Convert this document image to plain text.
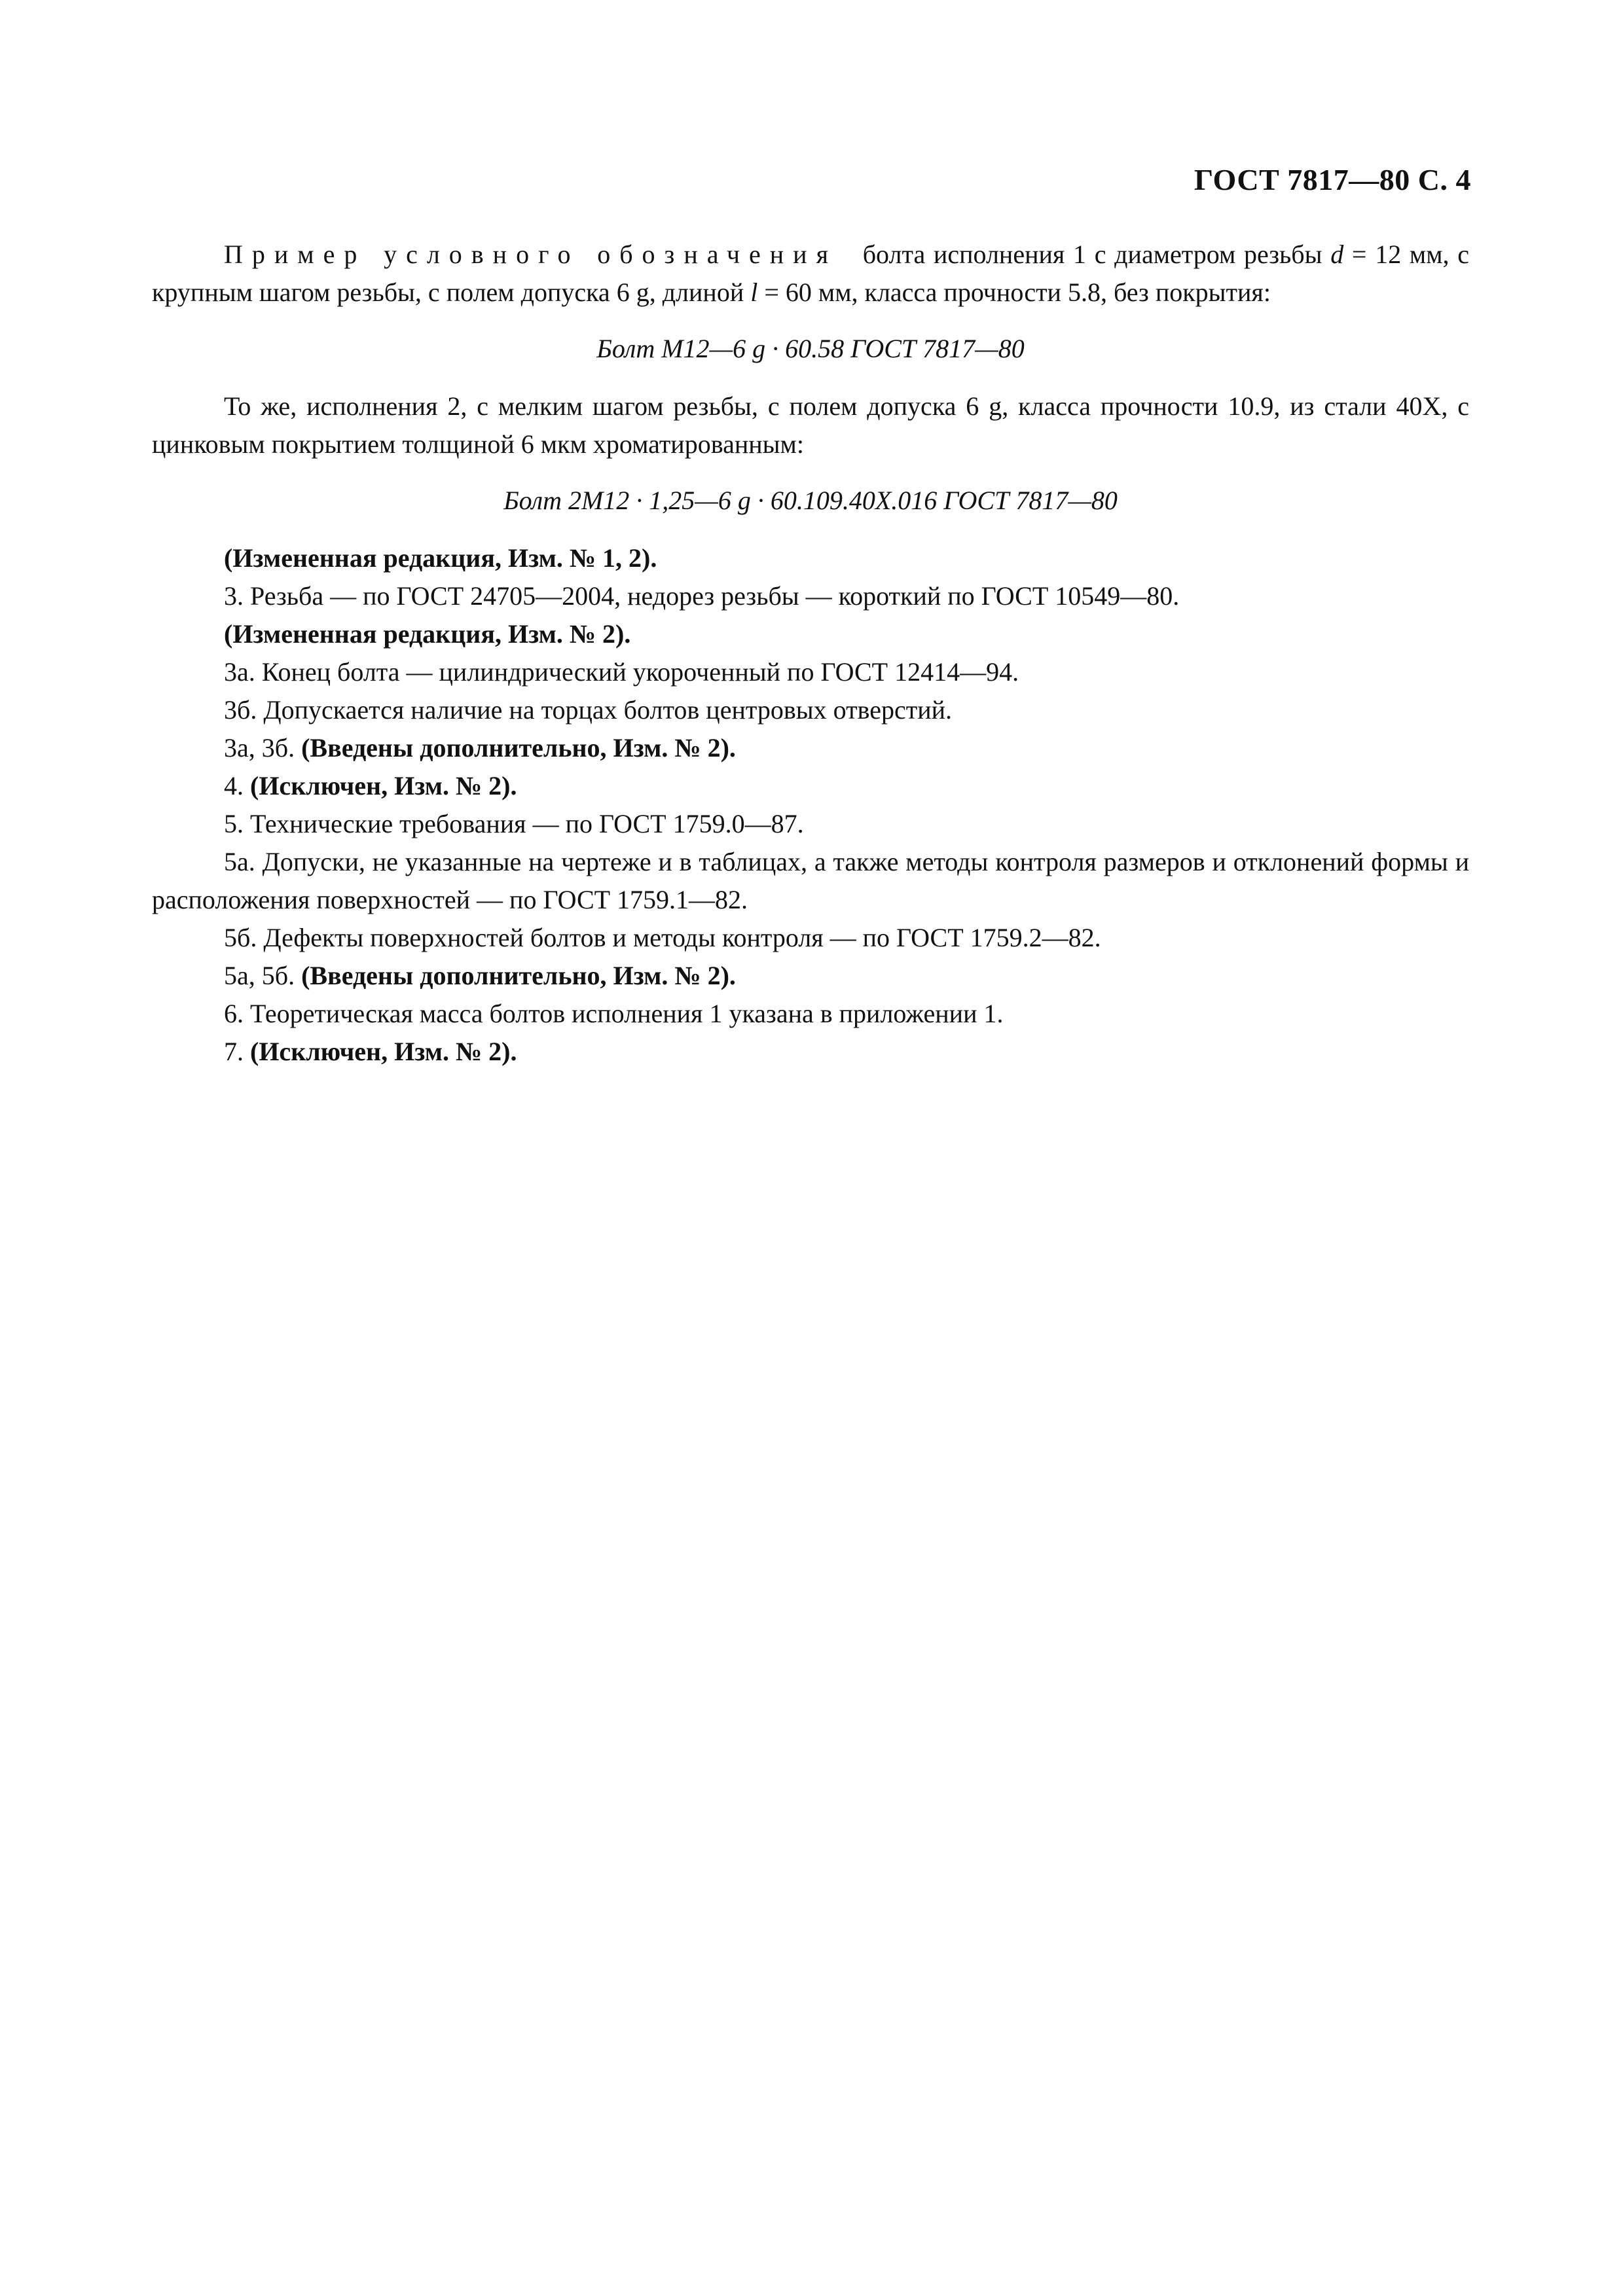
ГОСТ 7817—80 С. 4

Пример условного обозначения болта исполнения 1 с диаметром резьбы d = 12 мм, с крупным шагом резьбы, с полем допуска 6 g, длиной l = 60 мм, класса прочности 5.8, без покрытия:

Болт М12—6 g · 60.58 ГОСТ 7817—80

То же, исполнения 2, с мелким шагом резьбы, с полем допуска 6 g, класса прочности 10.9, из стали 40Х, с цинковым покрытием толщиной 6 мкм хроматированным:

Болт 2М12 · 1,25—6 g · 60.109.40Х.016 ГОСТ 7817—80

(Измененная редакция, Изм. № 1, 2).

3. Резьба — по ГОСТ 24705—2004, недорез резьбы — короткий по ГОСТ 10549—80.

(Измененная редакция, Изм. № 2).

3а. Конец болта — цилиндрический укороченный по ГОСТ 12414—94.

3б. Допускается наличие на торцах болтов центровых отверстий.

3а, 3б. (Введены дополнительно, Изм. № 2).

4. (Исключен, Изм. № 2).

5. Технические требования — по ГОСТ 1759.0—87.

5а. Допуски, не указанные на чертеже и в таблицах, а также методы контроля размеров и отклонений формы и расположения поверхностей — по ГОСТ 1759.1—82.

5б. Дефекты поверхностей болтов и методы контроля — по ГОСТ 1759.2—82.

5а, 5б. (Введены дополнительно, Изм. № 2).

6. Теоретическая масса болтов исполнения 1 указана в приложении 1.

7. (Исключен, Изм. № 2).
